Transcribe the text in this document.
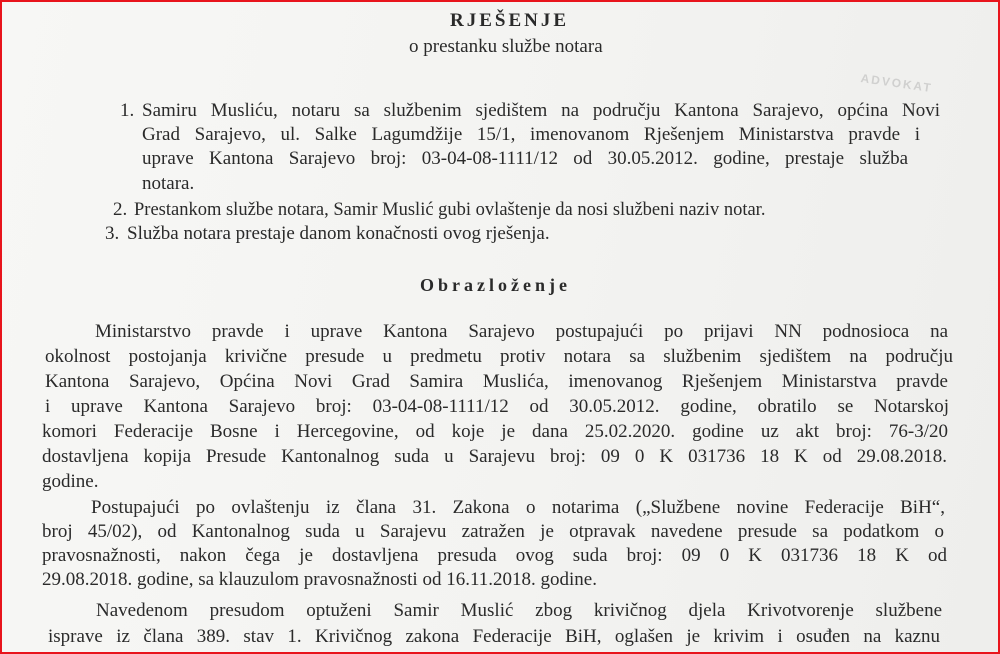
ADVOKAT
RJEŠENJE
o prestanku službe notara
1. Samiru Musliću, notaru sa službenim sjedištem na području Kantona Sarajevo, općina Novi
Grad Sarajevo, ul. Salke Lagumdžije 15/1, imenovanom Rješenjem Ministarstva pravde i
uprave Kantona Sarajevo broj: 03-04-08-1111/12 od 30.05.2012. godine, prestaje služba
notara.
2. Prestankom službe notara, Samir Muslić gubi ovlaštenje da nosi službeni naziv notar.
3. Služba notara prestaje danom konačnosti ovog rješenja.
Obrazloženje
Ministarstvo pravde i uprave Kantona Sarajevo postupajući po prijavi NN podnosioca na
okolnost postojanja krivične presude u predmetu protiv notara sa službenim sjedištem na području
Kantona Sarajevo, Općina Novi Grad Samira Muslića, imenovanog Rješenjem Ministarstva pravde
i uprave Kantona Sarajevo broj: 03-04-08-1111/12 od 30.05.2012. godine, obratilo se Notarskoj
komori Federacije Bosne i Hercegovine, od koje je dana 25.02.2020. godine uz akt broj: 76-3/20
dostavljena kopija Presude Kantonalnog suda u Sarajevu broj: 09 0 K 031736 18 K od 29.08.2018.
godine.
Postupajući po ovlaštenju iz člana 31. Zakona o notarima („Službene novine Federacije BiH“,
broj 45/02), od Kantonalnog suda u Sarajevu zatražen je otpravak navedene presude sa podatkom o
pravosnažnosti, nakon čega je dostavljena presuda ovog suda broj: 09 0 K 031736 18 K od
29.08.2018. godine, sa klauzulom pravosnažnosti od 16.11.2018. godine.
Navedenom presudom optuženi Samir Muslić zbog krivičnog djela Krivotvorenje službene
isprave iz člana 389. stav 1. Krivičnog zakona Federacije BiH, oglašen je krivim i osuđen na kaznu
